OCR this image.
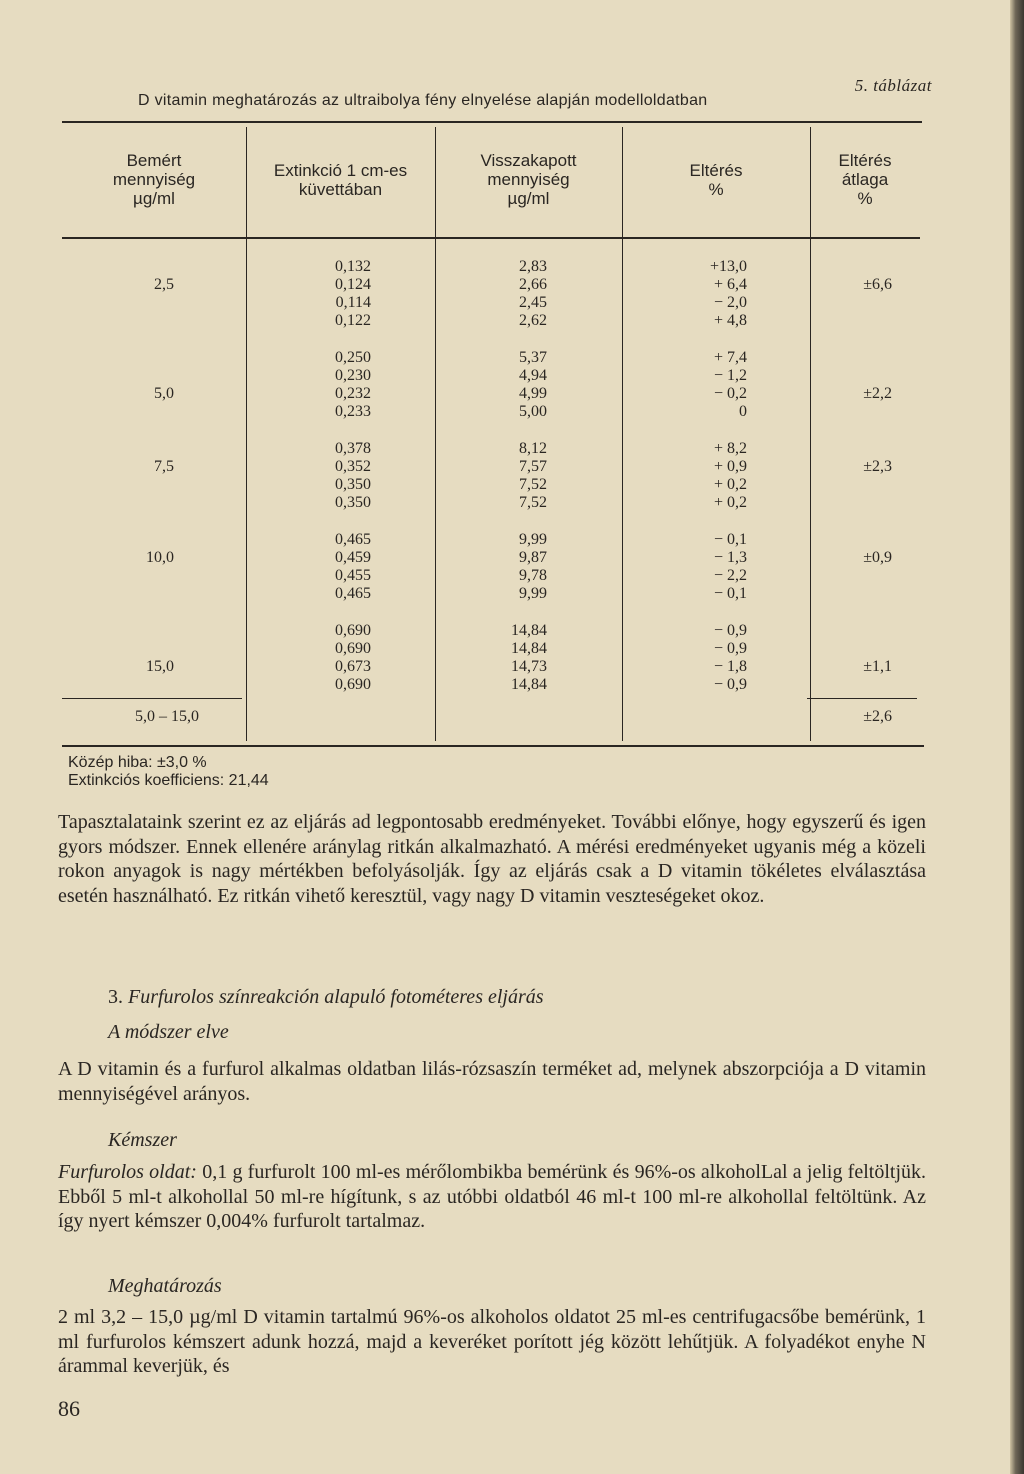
5. táblázat
D vitamin meghatározás az ultraibolya fény elnyelése alapján modelloldatban
Bemért
mennyiség
µg/ml
Extinkció 1 cm-es
küvettában
Visszakapott
mennyiség
µg/ml
Eltérés
%
Eltérés
átlaga
%
2,5
0,132
0,124
0,114
0,122
2,83
2,66
2,45
2,62
+13,0
+ 6,4
− 2,0
+ 4,8
±6,6
5,0
0,250
0,230
0,232
0,233
5,37
4,94
4,99
5,00
+ 7,4
− 1,2
− 0,2
0
±2,2
7,5
0,378
0,352
0,350
0,350
8,12
7,57
7,52
7,52
+ 8,2
+ 0,9
+ 0,2
+ 0,2
±2,3
10,0
0,465
0,459
0,455
0,465
9,99
9,87
9,78
9,99
− 0,1
− 1,3
− 2,2
− 0,1
±0,9
15,0
0,690
0,690
0,673
0,690
14,84
14,84
14,73
14,84
− 0,9
− 0,9
− 1,8
− 0,9
±1,1
5,0 – 15,0	±2,6
Közép hiba: ±3,0 %
Extinkciós koefficiens: 21,44
Tapasztalataink szerint ez az eljárás ad legpontosabb eredményeket. További előnye, hogy egyszerű és igen gyors módszer. Ennek ellenére aránylag ritkán alkalmazható. A mérési eredményeket ugyanis még a közeli rokon anyagok is nagy mértékben befolyásolják. Így az eljárás csak a D vitamin tökéletes elválasztása esetén használható. Ez ritkán vihető keresztül, vagy nagy D vitamin veszteségeket okoz.
3. Furfurolos színreakción alapuló fotométeres eljárás
A módszer elve
A D vitamin és a furfurol alkalmas oldatban lilás-rózsaszín terméket ad, melynek abszorpciója a D vitamin mennyiségével arányos.
Kémszer
Furfurolos oldat: 0,1 g furfurolt 100 ml-es mérőlombikba bemérünk és 96%-os alkoholLal a jelig feltöltjük. Ebből 5 ml-t alkohollal 50 ml-re hígítunk, s az utóbbi oldatból 46 ml-t 100 ml-re alkohollal feltöltünk. Az így nyert kémszer 0,004% furfurolt tartalmaz.
Meghatározás
2 ml 3,2 – 15,0 µg/ml D vitamin tartalmú 96%-os alkoholos oldatot 25 ml-es centrifugacsőbe bemérünk, 1 ml furfurolos kémszert adunk hozzá, majd a keveréket porított jég között lehűtjük. A folyadékot enyhe N árammal keverjük, és
86
